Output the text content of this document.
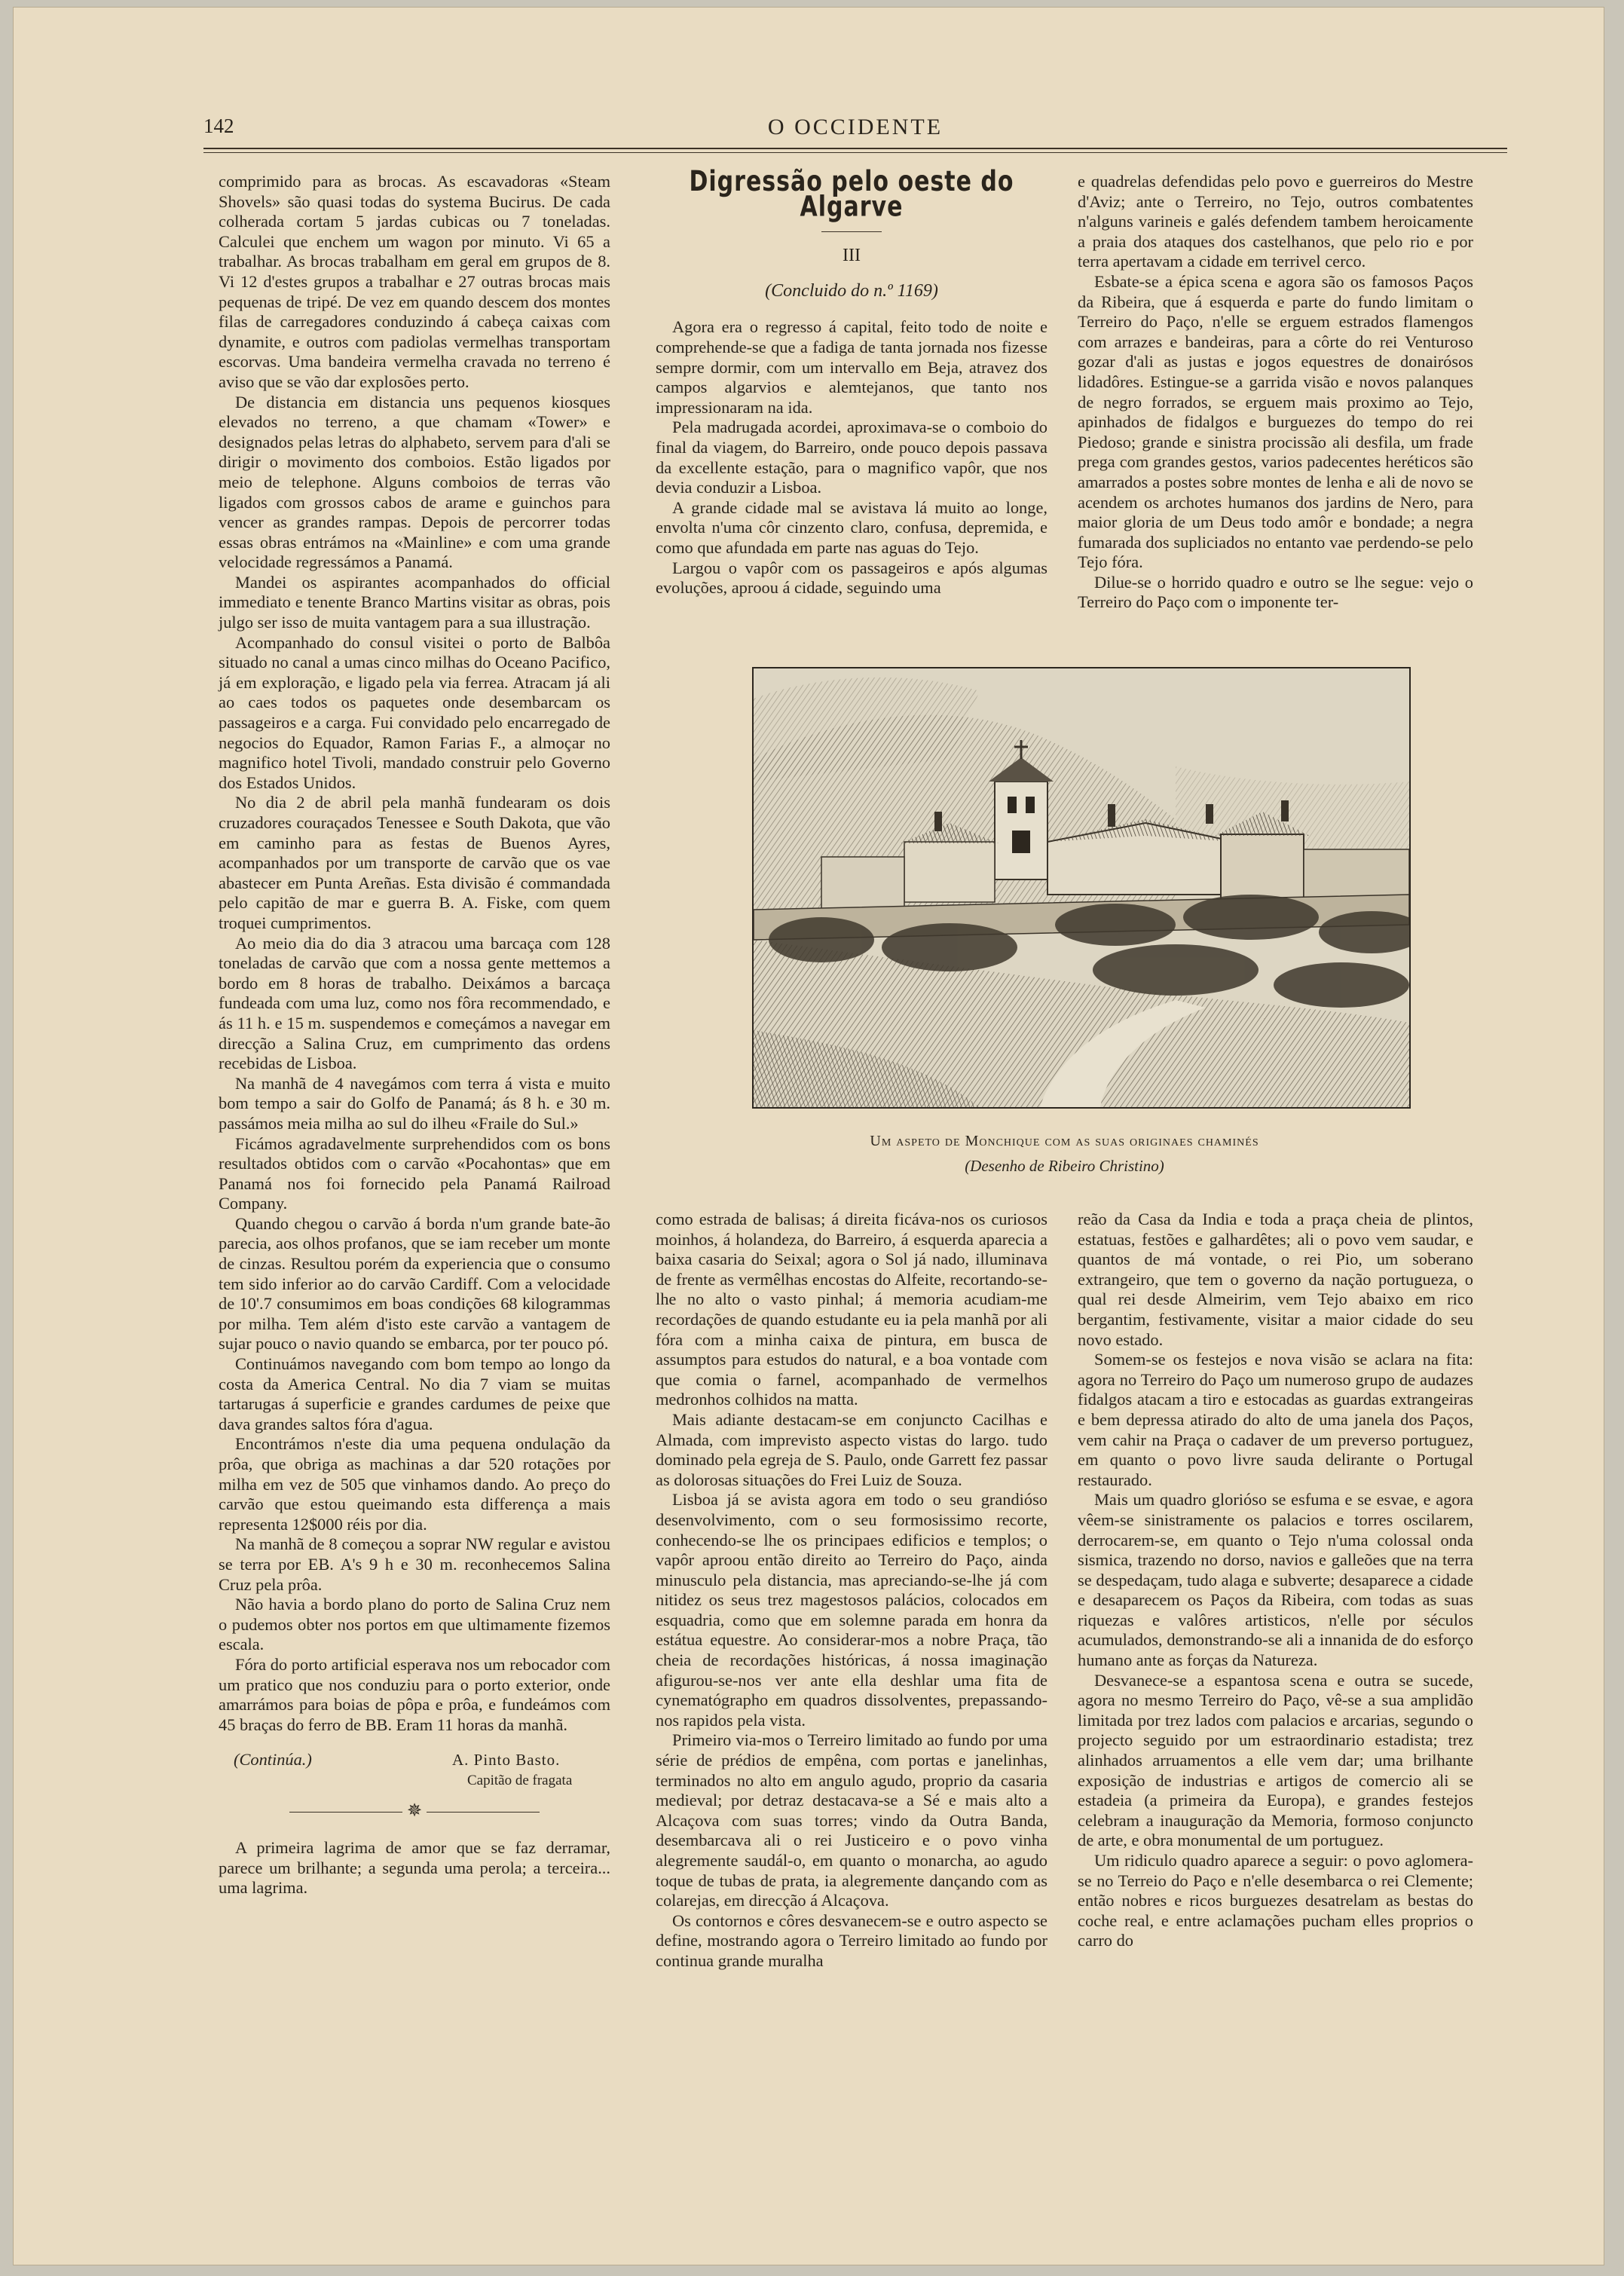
142	O OCCIDENTE

comprimido para as brocas. As escavadoras «Steam Shovels» são quasi todas do systema Bucirus. De cada colherada cortam 5 jardas cubicas ou 7 toneladas. Calculei que enchem um wagon por minuto. Vi 65 a trabalhar. As brocas trabalham em geral em grupos de 8. Vi 12 d'estes grupos a trabalhar e 27 outras brocas mais pequenas de tripé. De vez em quando descem dos montes filas de carregadores conduzindo á cabeça caixas com dynamite, e outros com padiolas vermelhas transportam escorvas. Uma bandeira vermelha cravada no terreno é aviso que se vão dar explosões perto.

De distancia em distancia uns pequenos kiosques elevados no terreno, a que chamam «Tower» e designados pelas letras do alphabeto, servem para d'ali se dirigir o movimento dos comboios. Estão ligados por meio de telephone. Alguns comboios de terras vão ligados com grossos cabos de arame e guinchos para vencer as grandes rampas. Depois de percorrer todas essas obras entrámos na «Mainline» e com uma grande velocidade regressámos a Panamá.

Mandei os aspirantes acompanhados do official immediato e tenente Branco Martins visitar as obras, pois julgo ser isso de muita vantagem para a sua illustração.

Acompanhado do consul visitei o porto de Balbôa situado no canal a umas cinco milhas do Oceano Pacifico, já em exploração, e ligado pela via ferrea. Atracam já ali ao caes todos os paquetes onde desembarcam os passageiros e a carga. Fui convidado pelo encarregado de negocios do Equador, Ramon Farias F., a almoçar no magnifico hotel Tivoli, mandado construir pelo Governo dos Estados Unidos.

No dia 2 de abril pela manhã fundearam os dois cruzadores couraçados Tenessee e South Dakota, que vão em caminho para as festas de Buenos Ayres, acompanhados por um transporte de carvão que os vae abastecer em Punta Areñas. Esta divisão é commandada pelo capitão de mar e guerra B. A. Fiske, com quem troquei cumprimentos.

Ao meio dia do dia 3 atracou uma barcaça com 128 toneladas de carvão que com a nossa gente mettemos a bordo em 8 horas de trabalho. Deixámos a barcaça fundeada com uma luz, como nos fôra recommendado, e ás 11 h. e 15 m. suspendemos e começámos a navegar em direcção a Salina Cruz, em cumprimento das ordens recebidas de Lisboa.

Na manhã de 4 navegámos com terra á vista e muito bom tempo a sair do Golfo de Panamá; ás 8 h. e 30 m. passámos meia milha ao sul do ilheu «Fraile do Sul.»

Ficámos agradavelmente surprehendidos com os bons resultados obtidos com o carvão «Pocahontas» que em Panamá nos foi fornecido pela Panamá Railroad Company.

Quando chegou o carvão á borda n'um grande bate-ão parecia, aos olhos profanos, que se iam receber um monte de cinzas. Resultou porém da experiencia que o consumo tem sido inferior ao do carvão Cardiff. Com a velocidade de 10'.7 consumimos em boas condições 68 kilogrammas por milha. Tem além d'isto este carvão a vantagem de sujar pouco o navio quando se embarca, por ter pouco pó.

Continuámos navegando com bom tempo ao longo da costa da America Central. No dia 7 viam se muitas tartarugas á superficie e grandes cardumes de peixe que dava grandes saltos fóra d'agua.

Encontrámos n'este dia uma pequena ondulação da prôa, que obriga as machinas a dar 520 rotações por milha em vez de 505 que vinhamos dando. Ao preço do carvão que estou queimando esta differença a mais representa 12$000 réis por dia.

Na manhã de 8 começou a soprar NW regular e avistou se terra por EB. A's 9 h e 30 m. reconhecemos Salina Cruz pela prôa.

Não havia a bordo plano do porto de Salina Cruz nem o pudemos obter nos portos em que ultimamente fizemos escala.

Fóra do porto artificial esperava nos um rebocador com um pratico que nos conduziu para o porto exterior, onde amarrámos para boias de pôpa e prôa, e fundeámos com 45 braças do ferro de BB. Eram 11 horas da manhã.

(Continúa.)	A. Pinto Basto.
Capitão de fragata
✵

A primeira lagrima de amor que se faz derramar, parece um brilhante; a segunda uma perola; a terceira... uma lagrima.

Digressão pelo oeste do Algarve
III
(Concluido do n.º 1169)

Agora era o regresso á capital, feito todo de noite e comprehende-se que a fadiga de tanta jornada nos fizesse sempre dormir, com um intervallo em Beja, atravez dos campos algarvios e alemtejanos, que tanto nos impressionaram na ida.

Pela madrugada acordei, aproximava-se o comboio do final da viagem, do Barreiro, onde pouco depois passava da excellente estação, para o magnifico vapôr, que nos devia conduzir a Lisboa.

A grande cidade mal se avistava lá muito ao longe, envolta n'uma côr cinzento claro, confusa, depremida, e como que afundada em parte nas aguas do Tejo.

Largou o vapôr com os passageiros e após algumas evoluções, aproou á cidade, seguindo uma

e quadrelas defendidas pelo povo e guerreiros do Mestre d'Aviz; ante o Terreiro, no Tejo, outros combatentes n'alguns varineis e galés defendem tambem heroicamente a praia dos ataques dos castelhanos, que pelo rio e por terra apertavam a cidade em terrivel cerco.

Esbate-se a épica scena e agora são os famosos Paços da Ribeira, que á esquerda e parte do fundo limitam o Terreiro do Paço, n'elle se erguem estrados flamengos com arrazes e bandeiras, para a côrte do rei Venturoso gozar d'ali as justas e jogos equestres de donairósos lidadôres. Estingue-se a garrida visão e novos palanques de negro forrados, se erguem mais proximo ao Tejo, apinhados de fidalgos e burguezes do tempo do rei Piedoso; grande e sinistra procissão ali desfila, um frade prega com grandes gestos, varios padecentes heréticos são amarrados a postes sobre montes de lenha e ali de novo se acendem os archotes humanos dos jardins de Nero, para maior gloria de um Deus todo amôr e bondade; a negra fumarada dos supliciados no entanto vae perdendo-se pelo Tejo fóra.

Dilue-se o horrido quadro e outro se lhe segue: vejo o Terreiro do Paço com o imponente ter-

Um aspeto de Monchique com as suas originaes chaminés
(Desenho de Ribeiro Christino)

como estrada de balisas; á direita ficáva-nos os curiosos moinhos, á holandeza, do Barreiro, á esquerda aparecia a baixa casaria do Seixal; agora o Sol já nado, illuminava de frente as vermêlhas encostas do Alfeite, recortando-se-lhe no alto o vasto pinhal; á memoria acudiam-me recordações de quando estudante eu ia pela manhã por ali fóra com a minha caixa de pintura, em busca de assumptos para estudos do natural, e a boa vontade com que comia o farnel, acompanhado de vermelhos medronhos colhidos na matta.

Mais adiante destacam-se em conjuncto Cacilhas e Almada, com imprevisto aspecto vistas do largo. tudo dominado pela egreja de S. Paulo, onde Garrett fez passar as dolorosas situações do Frei Luiz de Souza.

Lisboa já se avista agora em todo o seu grandióso desenvolvimento, com o seu formosissimo recorte, conhecendo-se lhe os principaes edificios e templos; o vapôr aproou então direito ao Terreiro do Paço, ainda minusculo pela distancia, mas apreciando-se-lhe já com nitidez os seus trez magestosos palácios, colocados em esquadria, como que em solemne parada em honra da estátua equestre. Ao considerar-mos a nobre Praça, tão cheia de recordações históricas, á nossa imaginação afigurou-se-nos ver ante ella deshlar uma fita de cynematógrapho em quadros dissolventes, prepassando-nos rapidos pela vista.

Primeiro via-mos o Terreiro limitado ao fundo por uma série de prédios de empêna, com portas e janelinhas, terminados no alto em angulo agudo, proprio da casaria medieval; por detraz destacava-se a Sé e mais alto a Alcaçova com suas torres; vindo da Outra Banda, desembarcava ali o rei Justiceiro e o povo vinha alegremente saudál-o, em quanto o monarcha, ao agudo toque de tubas de prata, ia alegremente dançando com as colarejas, em direcção á Alcaçova.

Os contornos e côres desvanecem-se e outro aspecto se define, mostrando agora o Terreiro limitado ao fundo por continua grande muralha

reão da Casa da India e toda a praça cheia de plintos, estatuas, festões e galhardêtes; ali o povo vem saudar, e quantos de má vontade, o rei Pio, um soberano extrangeiro, que tem o governo da nação portugueza, o qual rei desde Almeirim, vem Tejo abaixo em rico bergantim, festivamente, visitar a maior cidade do seu novo estado.

Somem-se os festejos e nova visão se aclara na fita: agora no Terreiro do Paço um numeroso grupo de audazes fidalgos atacam a tiro e estocadas as guardas extrangeiras e bem depressa atirado do alto de uma janela dos Paços, vem cahir na Praça o cadaver de um preverso portuguez, em quanto o povo livre sauda delirante o Portugal restaurado.

Mais um quadro glorióso se esfuma e se esvae, e agora vêem-se sinistramente os palacios e torres oscilarem, derrocarem-se, em quanto o Tejo n'uma colossal onda sismica, trazendo no dorso, navios e galleões que na terra se despedaçam, tudo alaga e subverte; desaparece a cidade e desaparecem os Paços da Ribeira, com todas as suas riquezas e valôres artisticos, n'elle por séculos acumulados, demonstrando-se ali a innanida de do esforço humano ante as forças da Natureza.

Desvanece-se a espantosa scena e outra se sucede, agora no mesmo Terreiro do Paço, vê-se a sua amplidão limitada por trez lados com palacios e arcarias, segundo o projecto seguido por um estraordinario estadista; trez alinhados arruamentos a elle vem dar; uma brilhante exposição de industrias e artigos de comercio ali se estadeia (a primeira da Europa), e grandes festejos celebram a inauguração da Memoria, formoso conjuncto de arte, e obra monumental de um portuguez.

Um ridiculo quadro aparece a seguir: o povo aglomera-se no Terreio do Paço e n'elle desembarca o rei Clemente; então nobres e ricos burguezes desatrelam as bestas do coche real, e entre aclamações pucham elles proprios o carro do
